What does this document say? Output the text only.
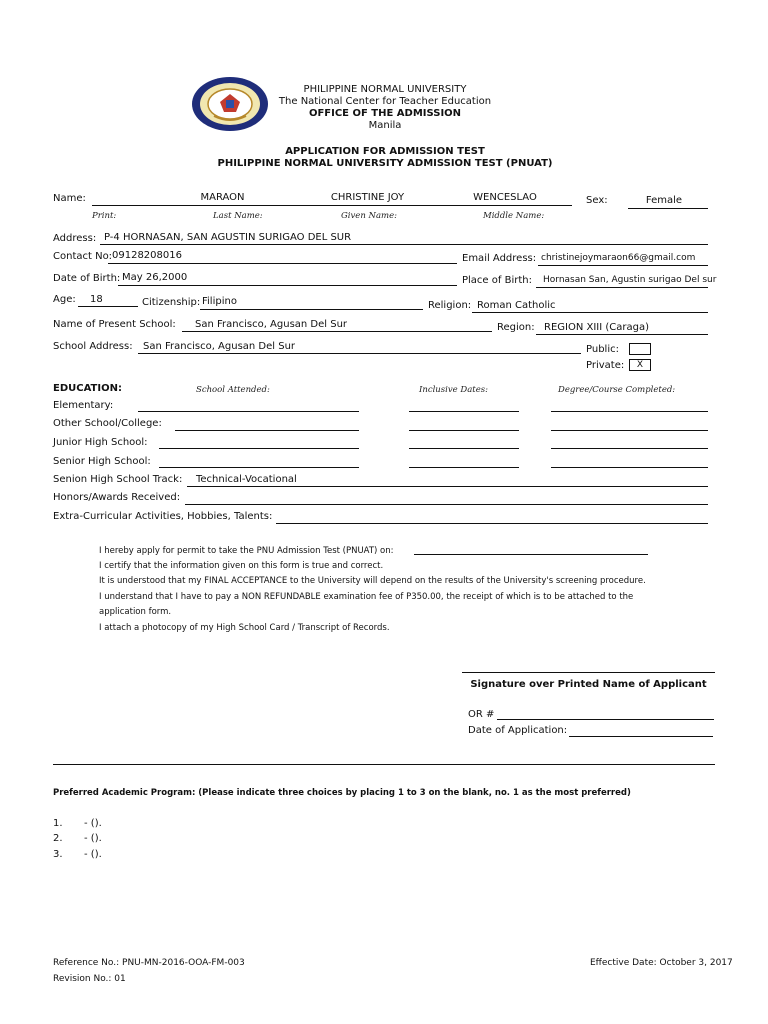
PHILIPPINE NORMAL UNIVERSITY
The National Center for Teacher Education
OFFICE OF THE ADMISSION
Manila
APPLICATION FOR ADMISSION TEST
PHILIPPINE NORMAL UNIVERSITY ADMISSION TEST (PNUAT)
Name:	MARAON	CHRISTINE JOY	WENCESLAO	Sex:	Female
Print:	Last Name:	Given Name:	Middle Name:
Address: P-4 HORNASAN, SAN AGUSTIN SURIGAO DEL SUR
Contact No: 09128208016	Email Address: christinejoymaraon66@gmail.com
Date of Birth: May 26,2000	Place of Birth: Hornasan San, Agustin surigao Del sur
Age: 18	Citizenship: Filipino	Religion: Roman Catholic
Name of Present School: San Francisco, Agusan Del Sur	Region: REGION XIII (Caraga)
School Address: San Francisco, Agusan Del Sur	Public:
Private:	X
EDUCATION:	School Attended:	Inclusive Dates:	Degree/Course Completed:
Elementary:
Other School/College:
Junior High School:
Senior High School:
Senion High School Track: Technical-Vocational
Honors/Awards Received:
Extra-Curricular Activities, Hobbies, Talents:
I hereby apply for permit to take the PNU Admission Test (PNUAT) on:
I certify that the information given on this form is true and correct.
It is understood that my FINAL ACCEPTANCE to the University will depend on the results of the University's screening procedure.
I understand that I have to pay a NON REFUNDABLE examination fee of P350.00, the receipt of which is to be attached to the
application form.
I attach a photocopy of my High School Card / Transcript of Records.
Signature over Printed Name of Applicant
OR #
Date of Application:
Preferred Academic Program: (Please indicate three choices by placing 1 to 3 on the blank, no. 1 as the most preferred)
1. - ().
2. - ().
3. - ().
Reference No.: PNU-MN-2016-OOA-FM-003
Revision No.: 01
Effective Date: October 3, 2017
